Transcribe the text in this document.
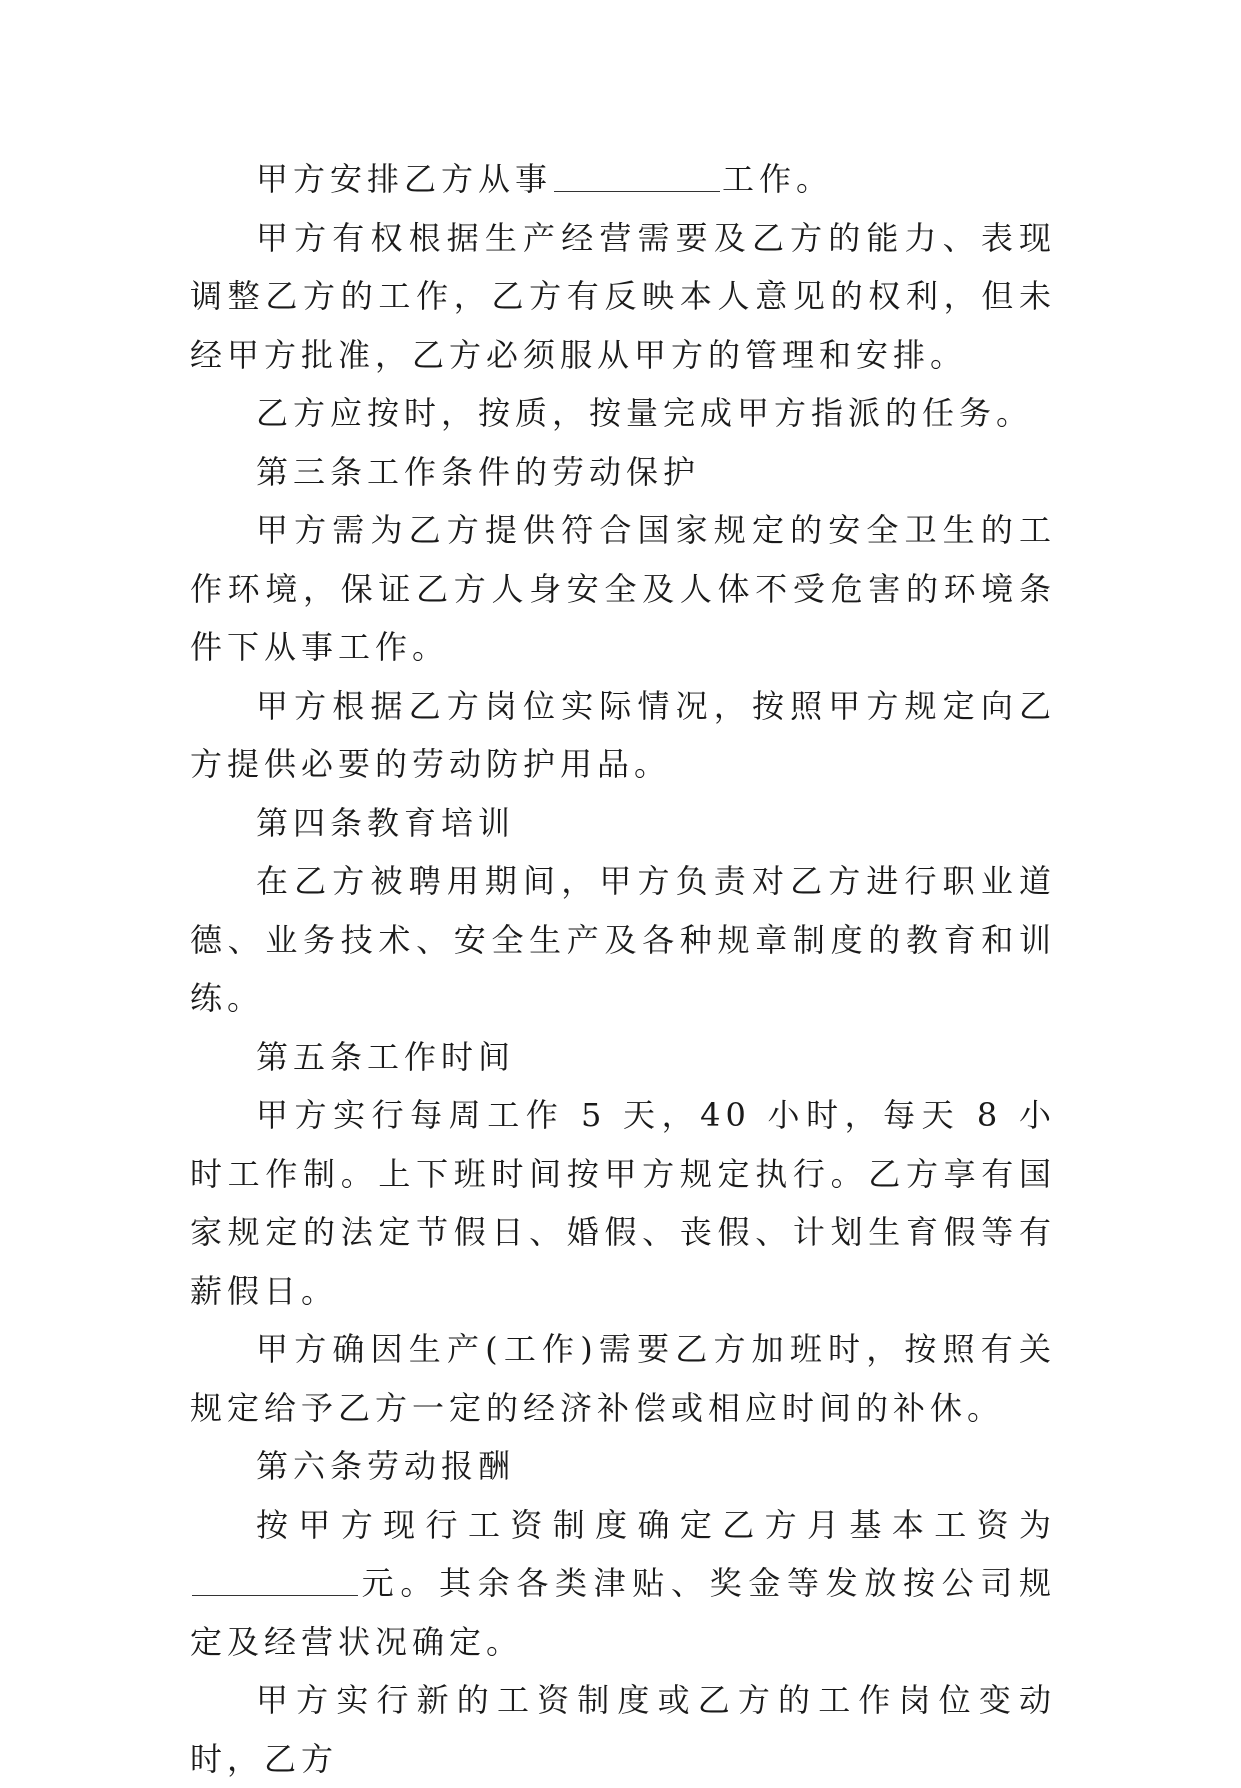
甲方安排乙方从事	工作。

甲方有权根据生产经营需要及乙方的能力、表现调整乙方的工作，乙方有反映本人意见的权利，但未经甲方批准，乙方必须服从甲方的管理和安排。

乙方应按时，按质，按量完成甲方指派的任务。

第三条工作条件的劳动保护

甲方需为乙方提供符合国家规定的安全卫生的工作环境，保证乙方人身安全及人体不受危害的环境条件下从事工作。

甲方根据乙方岗位实际情况，按照甲方规定向乙方提供必要的劳动防护用品。

第四条教育培训

在乙方被聘用期间，甲方负责对乙方进行职业道德、业务技术、安全生产及各种规章制度的教育和训练。

第五条工作时间

甲方实行每周工作 5 天，40 小时，每天 8 小时工作制。上下班时间按甲方规定执行。乙方享有国家规定的法定节假日、婚假、丧假、计划生育假等有薪假日。

甲方确因生产(工作)需要乙方加班时，按照有关规定给予乙方一定的经济补偿或相应时间的补休。

第六条劳动报酬

按甲方现行工资制度确定乙方月基本工资为元。其余各类津贴、奖金等发放按公司规定及经营状况确定。

甲方实行新的工资制度或乙方的工作岗位变动时，乙方
